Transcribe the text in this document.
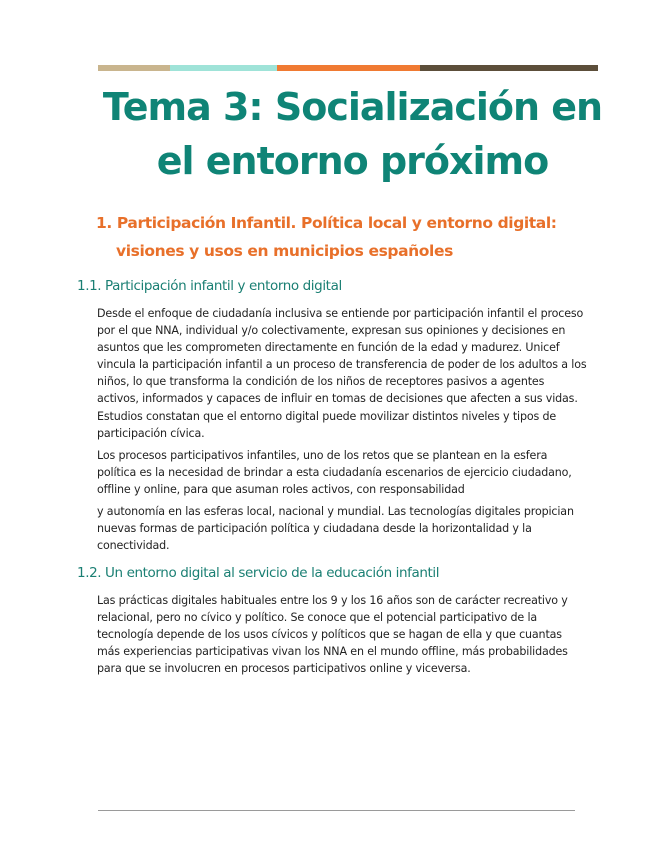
Tema 3: Socialización en el entorno próximo
1. Participación Infantil. Política local y entorno digital: visiones y usos en municipios españoles
1.1. Participación infantil y entorno digital

Desde el enfoque de ciudadanía inclusiva se entiende por participación infantil el proceso por el que NNA, individual y/o colectivamente, expresan sus opiniones y decisiones en asuntos que les comprometen directamente en función de la edad y madurez. Unicef vincula la participación infantil a un proceso de transferencia de poder de los adultos a los niños, lo que transforma la condición de los niños de receptores pasivos a agentes activos, informados y capaces de influir en tomas de decisiones que afecten a sus vidas. Estudios constatan que el entorno digital puede movilizar distintos niveles y tipos de participación cívica.

Los procesos participativos infantiles, uno de los retos que se plantean en la esfera política es la necesidad de brindar a esta ciudadanía escenarios de ejercicio ciudadano, offline y online, para que asuman roles activos, con responsabilidad

y autonomía en las esferas local, nacional y mundial. Las tecnologías digitales propician nuevas formas de participación política y ciudadana desde la horizontalidad y la conectividad.

1.2. Un entorno digital al servicio de la educación infantil

Las prácticas digitales habituales entre los 9 y los 16 años son de carácter recreativo y relacional, pero no cívico y político. Se conoce que el potencial participativo de la tecnología depende de los usos cívicos y políticos que se hagan de ella y que cuantas más experiencias participativas vivan los NNA en el mundo offline, más probabilidades para que se involucren en procesos participativos online y viceversa.
